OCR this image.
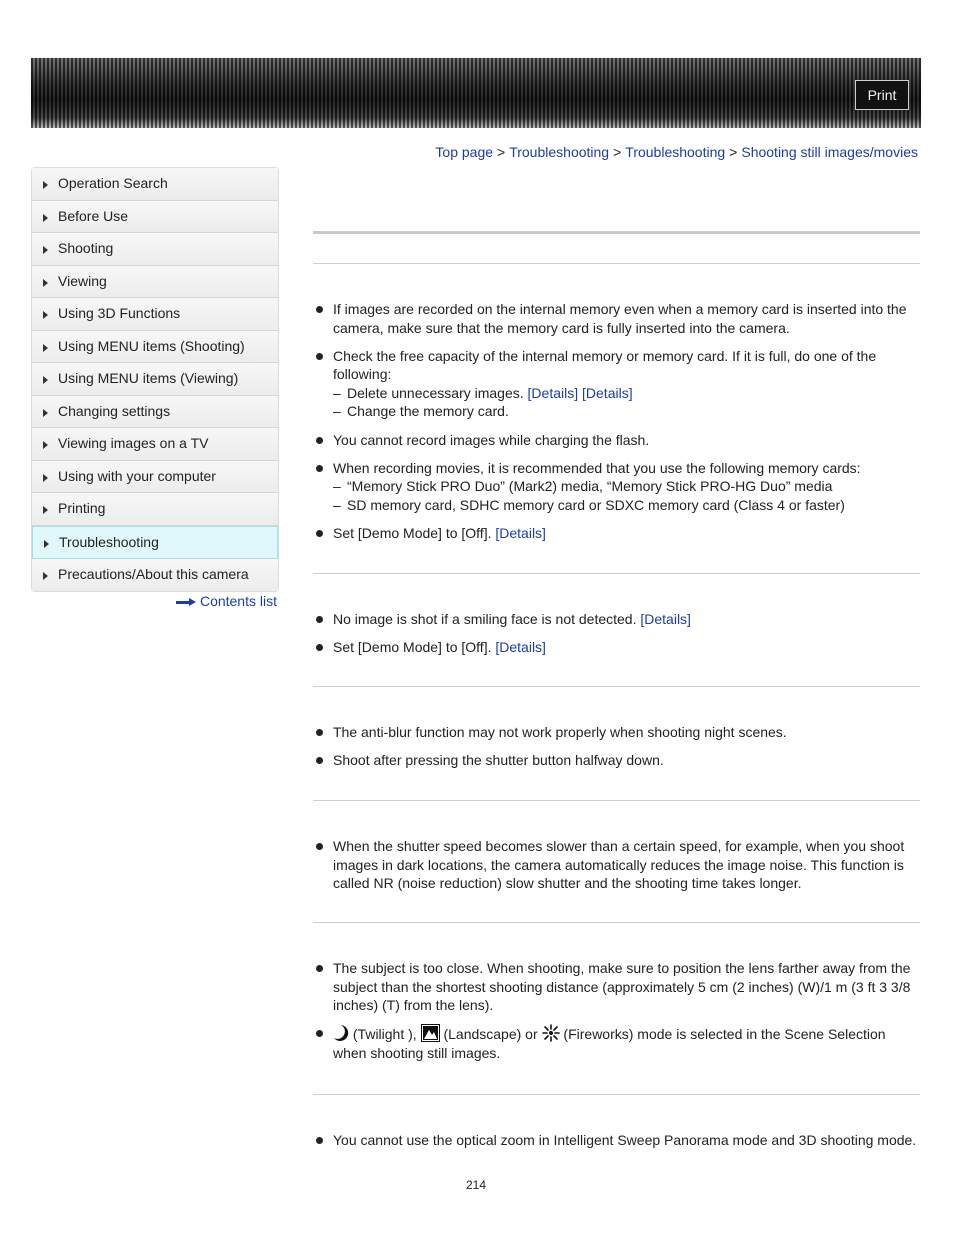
Print
Top page > Troubleshooting > Troubleshooting > Shooting still images/movies
Operation Search
Before Use
Shooting
Viewing
Using 3D Functions
Using MENU items (Shooting)
Using MENU items (Viewing)
Changing settings
Viewing images on a TV
Using with your computer
Printing
Troubleshooting
Precautions/About this camera
Contents list
If images are recorded on the internal memory even when a memory card is inserted into the camera, make sure that the memory card is fully inserted into the camera.
Check the free capacity of the internal memory or memory card. If it is full, do one of the following:
– Delete unnecessary images. [Details] [Details]
– Change the memory card.
You cannot record images while charging the flash.
When recording movies, it is recommended that you use the following memory cards:
– “Memory Stick PRO Duo” (Mark2) media, “Memory Stick PRO-HG Duo” media
– SD memory card, SDHC memory card or SDXC memory card (Class 4 or faster)
Set [Demo Mode] to [Off]. [Details]
No image is shot if a smiling face is not detected. [Details]
Set [Demo Mode] to [Off]. [Details]
The anti-blur function may not work properly when shooting night scenes.
Shoot after pressing the shutter button halfway down.
When the shutter speed becomes slower than a certain speed, for example, when you shoot images in dark locations, the camera automatically reduces the image noise. This function is called NR (noise reduction) slow shutter and the shooting time takes longer.
The subject is too close. When shooting, make sure to position the lens farther away from the subject than the shortest shooting distance (approximately 5 cm (2 inches) (W)/1 m (3 ft 3 3/8 inches) (T) from the lens).
(Twilight ), (Landscape) or (Fireworks) mode is selected in the Scene Selection when shooting still images.
You cannot use the optical zoom in Intelligent Sweep Panorama mode and 3D shooting mode.
214
